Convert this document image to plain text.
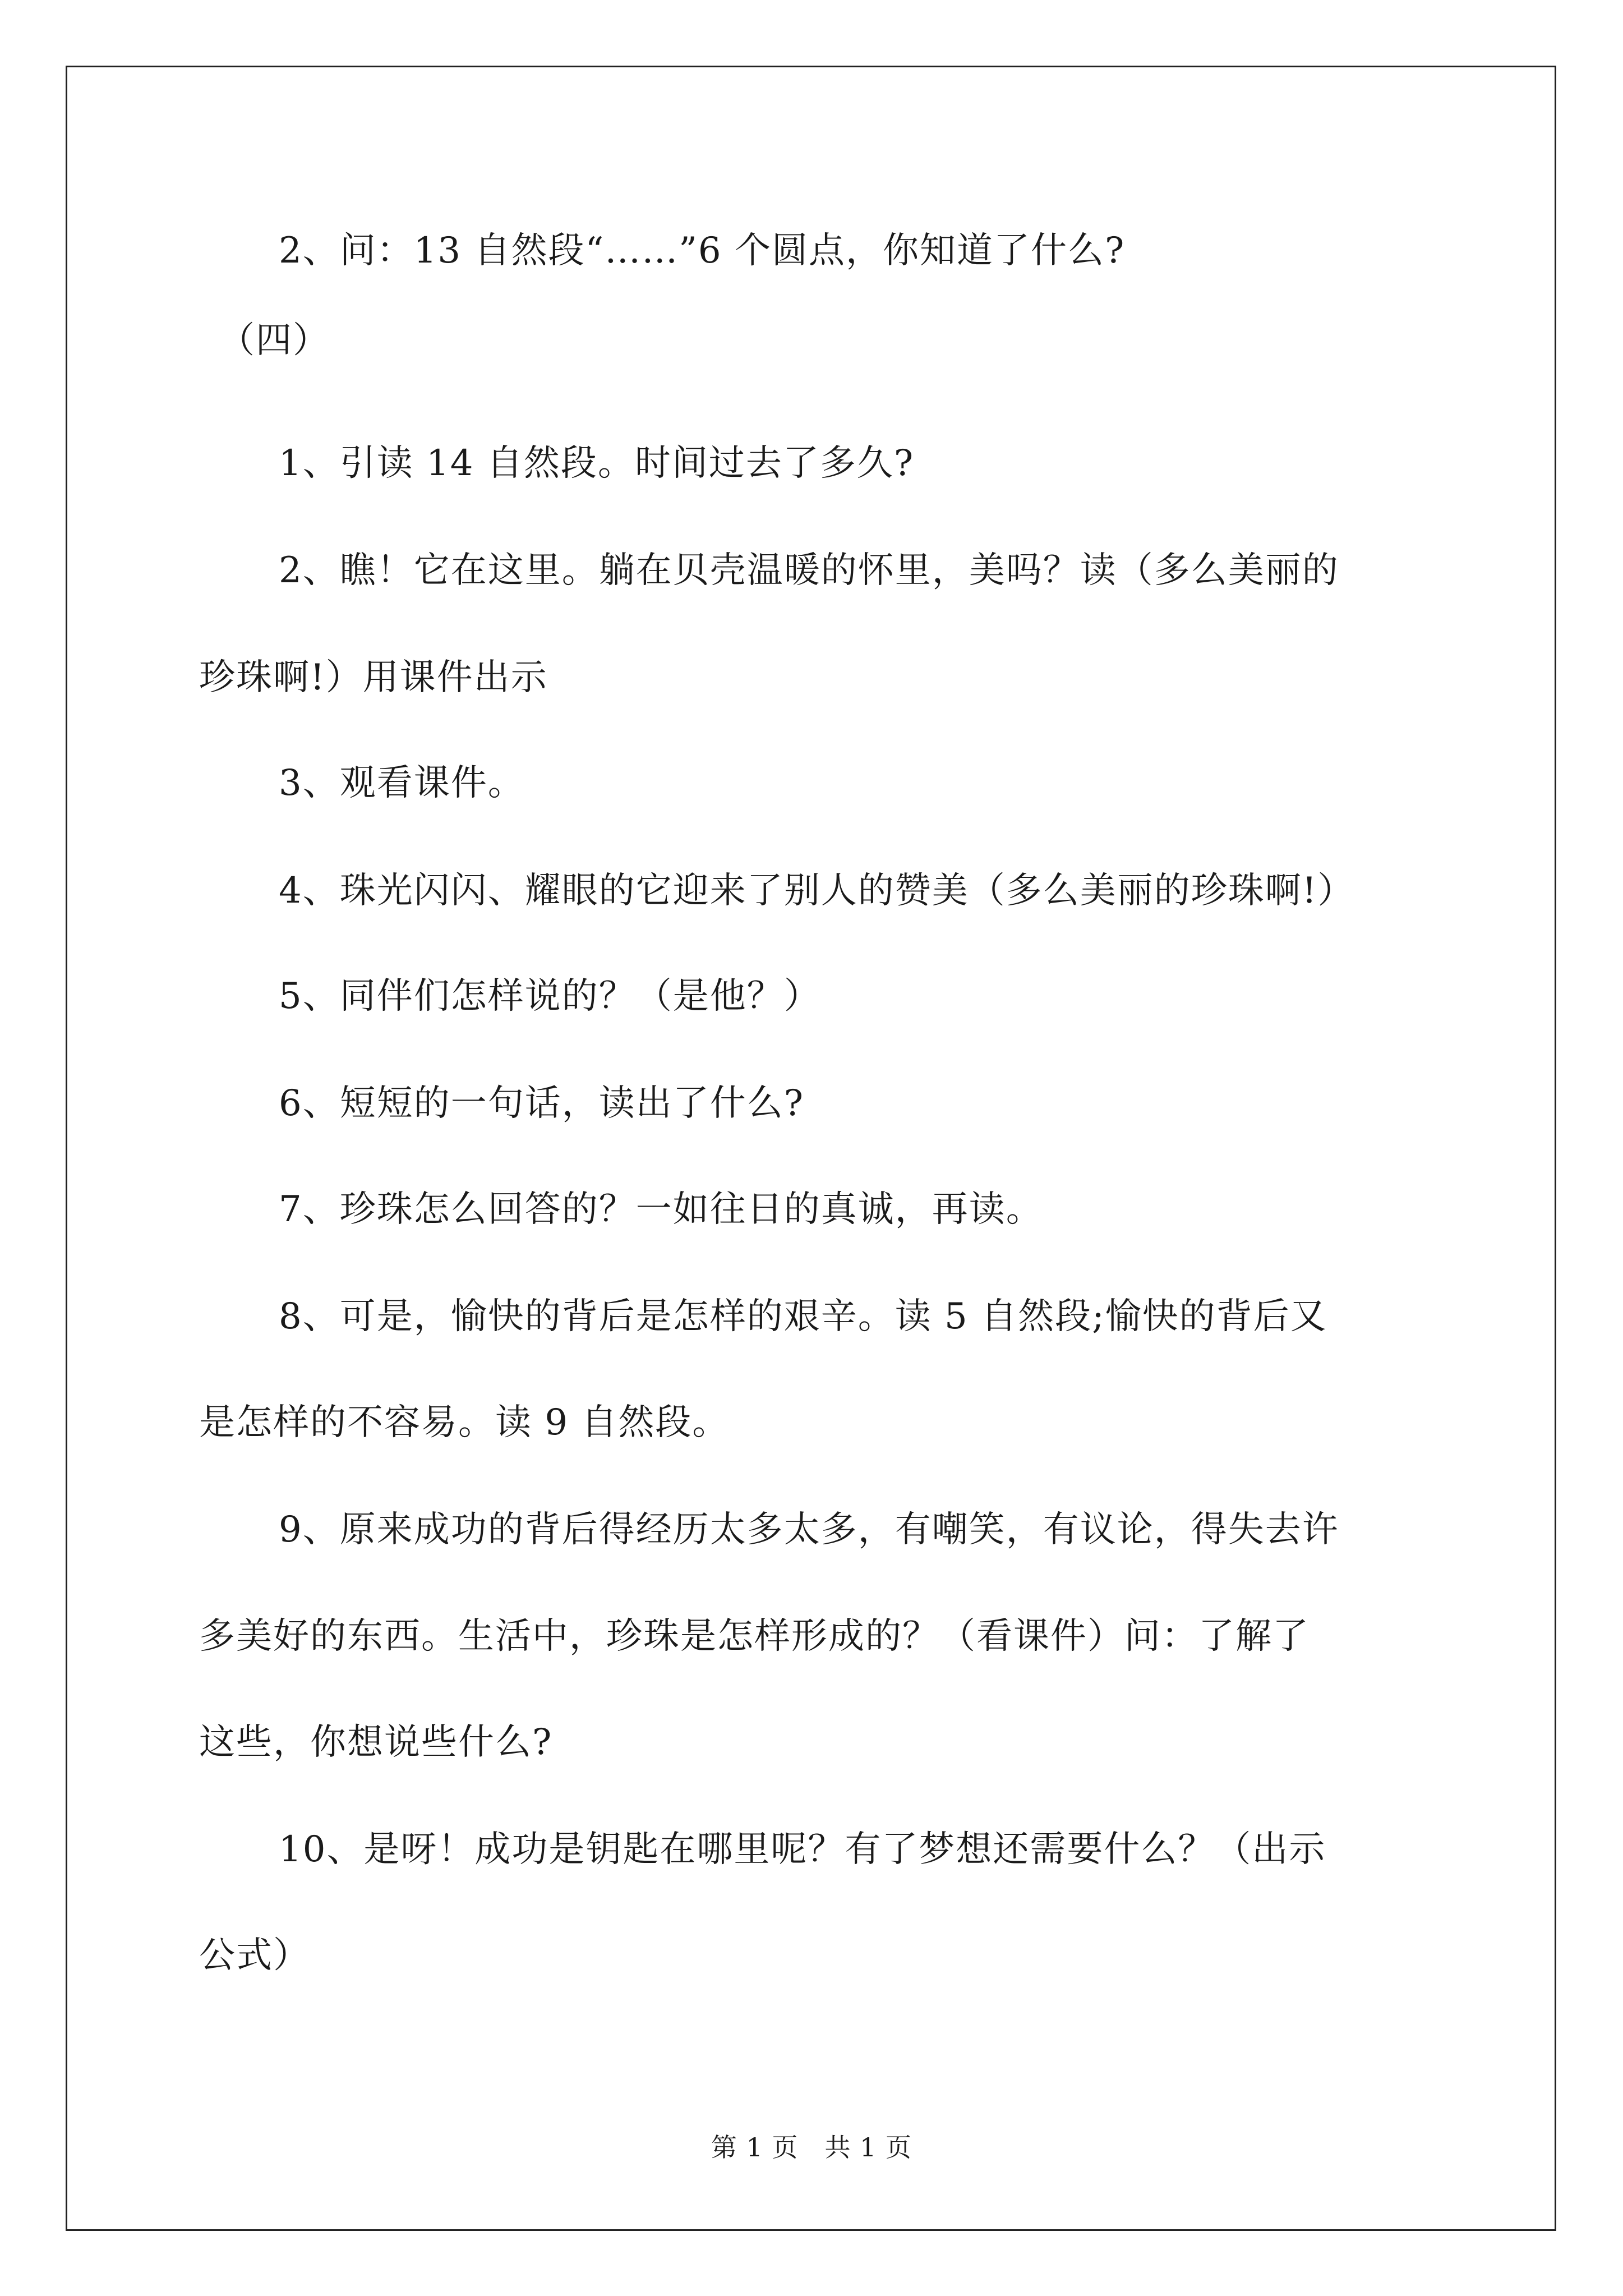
2、问：13 自然段“……”6 个圆点，你知道了什么?
（四）
1、引读 14 自然段。时间过去了多久?
2、瞧！它在这里。躺在贝壳温暖的怀里，美吗？读（多么美丽的
珍珠啊!）用课件出示
3、观看课件。
4、珠光闪闪、耀眼的它迎来了别人的赞美（多么美丽的珍珠啊!）
5、同伴们怎样说的？（是他？）
6、短短的一句话，读出了什么?
7、珍珠怎么回答的？一如往日的真诚，再读。
8、可是，愉快的背后是怎样的艰辛。读 5 自然段;愉快的背后又
是怎样的不容易。读 9 自然段。
9、原来成功的背后得经历太多太多，有嘲笑，有议论，得失去许
多美好的东西。生活中，珍珠是怎样形成的？（看课件）问：了解了
这些，你想说些什么?
10、是呀！成功是钥匙在哪里呢？有了梦想还需要什么？（出示
公式）
第 1 页　共 1 页
